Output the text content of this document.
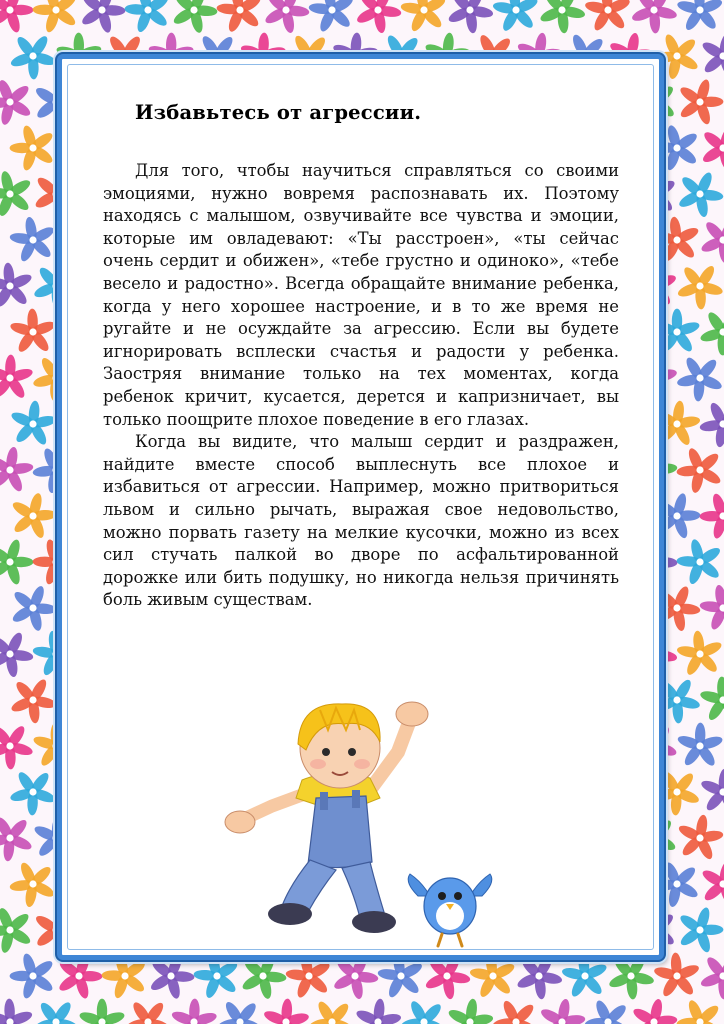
Избавьтесь от агрессии.

Для того, чтобы научиться справляться со своими эмоциями, нужно вовремя распознавать их. Поэтому находясь с малышом, озвучивайте все чувства и эмоции, которые им овладевают: «Ты расстроен», «ты сейчас очень сердит и обижен», «тебе грустно и одиноко», «тебе весело и радостно». Всегда обращайте внимание ребенка, когда у него хорошее настроение, и в то же время не ругайте и не осуждайте за агрессию. Если вы будете игнорировать всплески счастья и радости у ребенка. Заостряя внимание только на тех моментах, когда ребенок кричит, кусается, дерется и капризничает, вы только поощрите плохое поведение в его глазах.

Когда вы видите, что малыш сердит и раздражен, найдите вместе способ выплеснуть все плохое и избавиться от агрессии. Например, можно притвориться львом и сильно рычать, выражая свое недовольство, можно порвать газету на мелкие кусочки, можно из всех сил стучать палкой во дворе по асфальтированной дорожке или бить подушку, но никогда нельзя причинять боль живым существам.
